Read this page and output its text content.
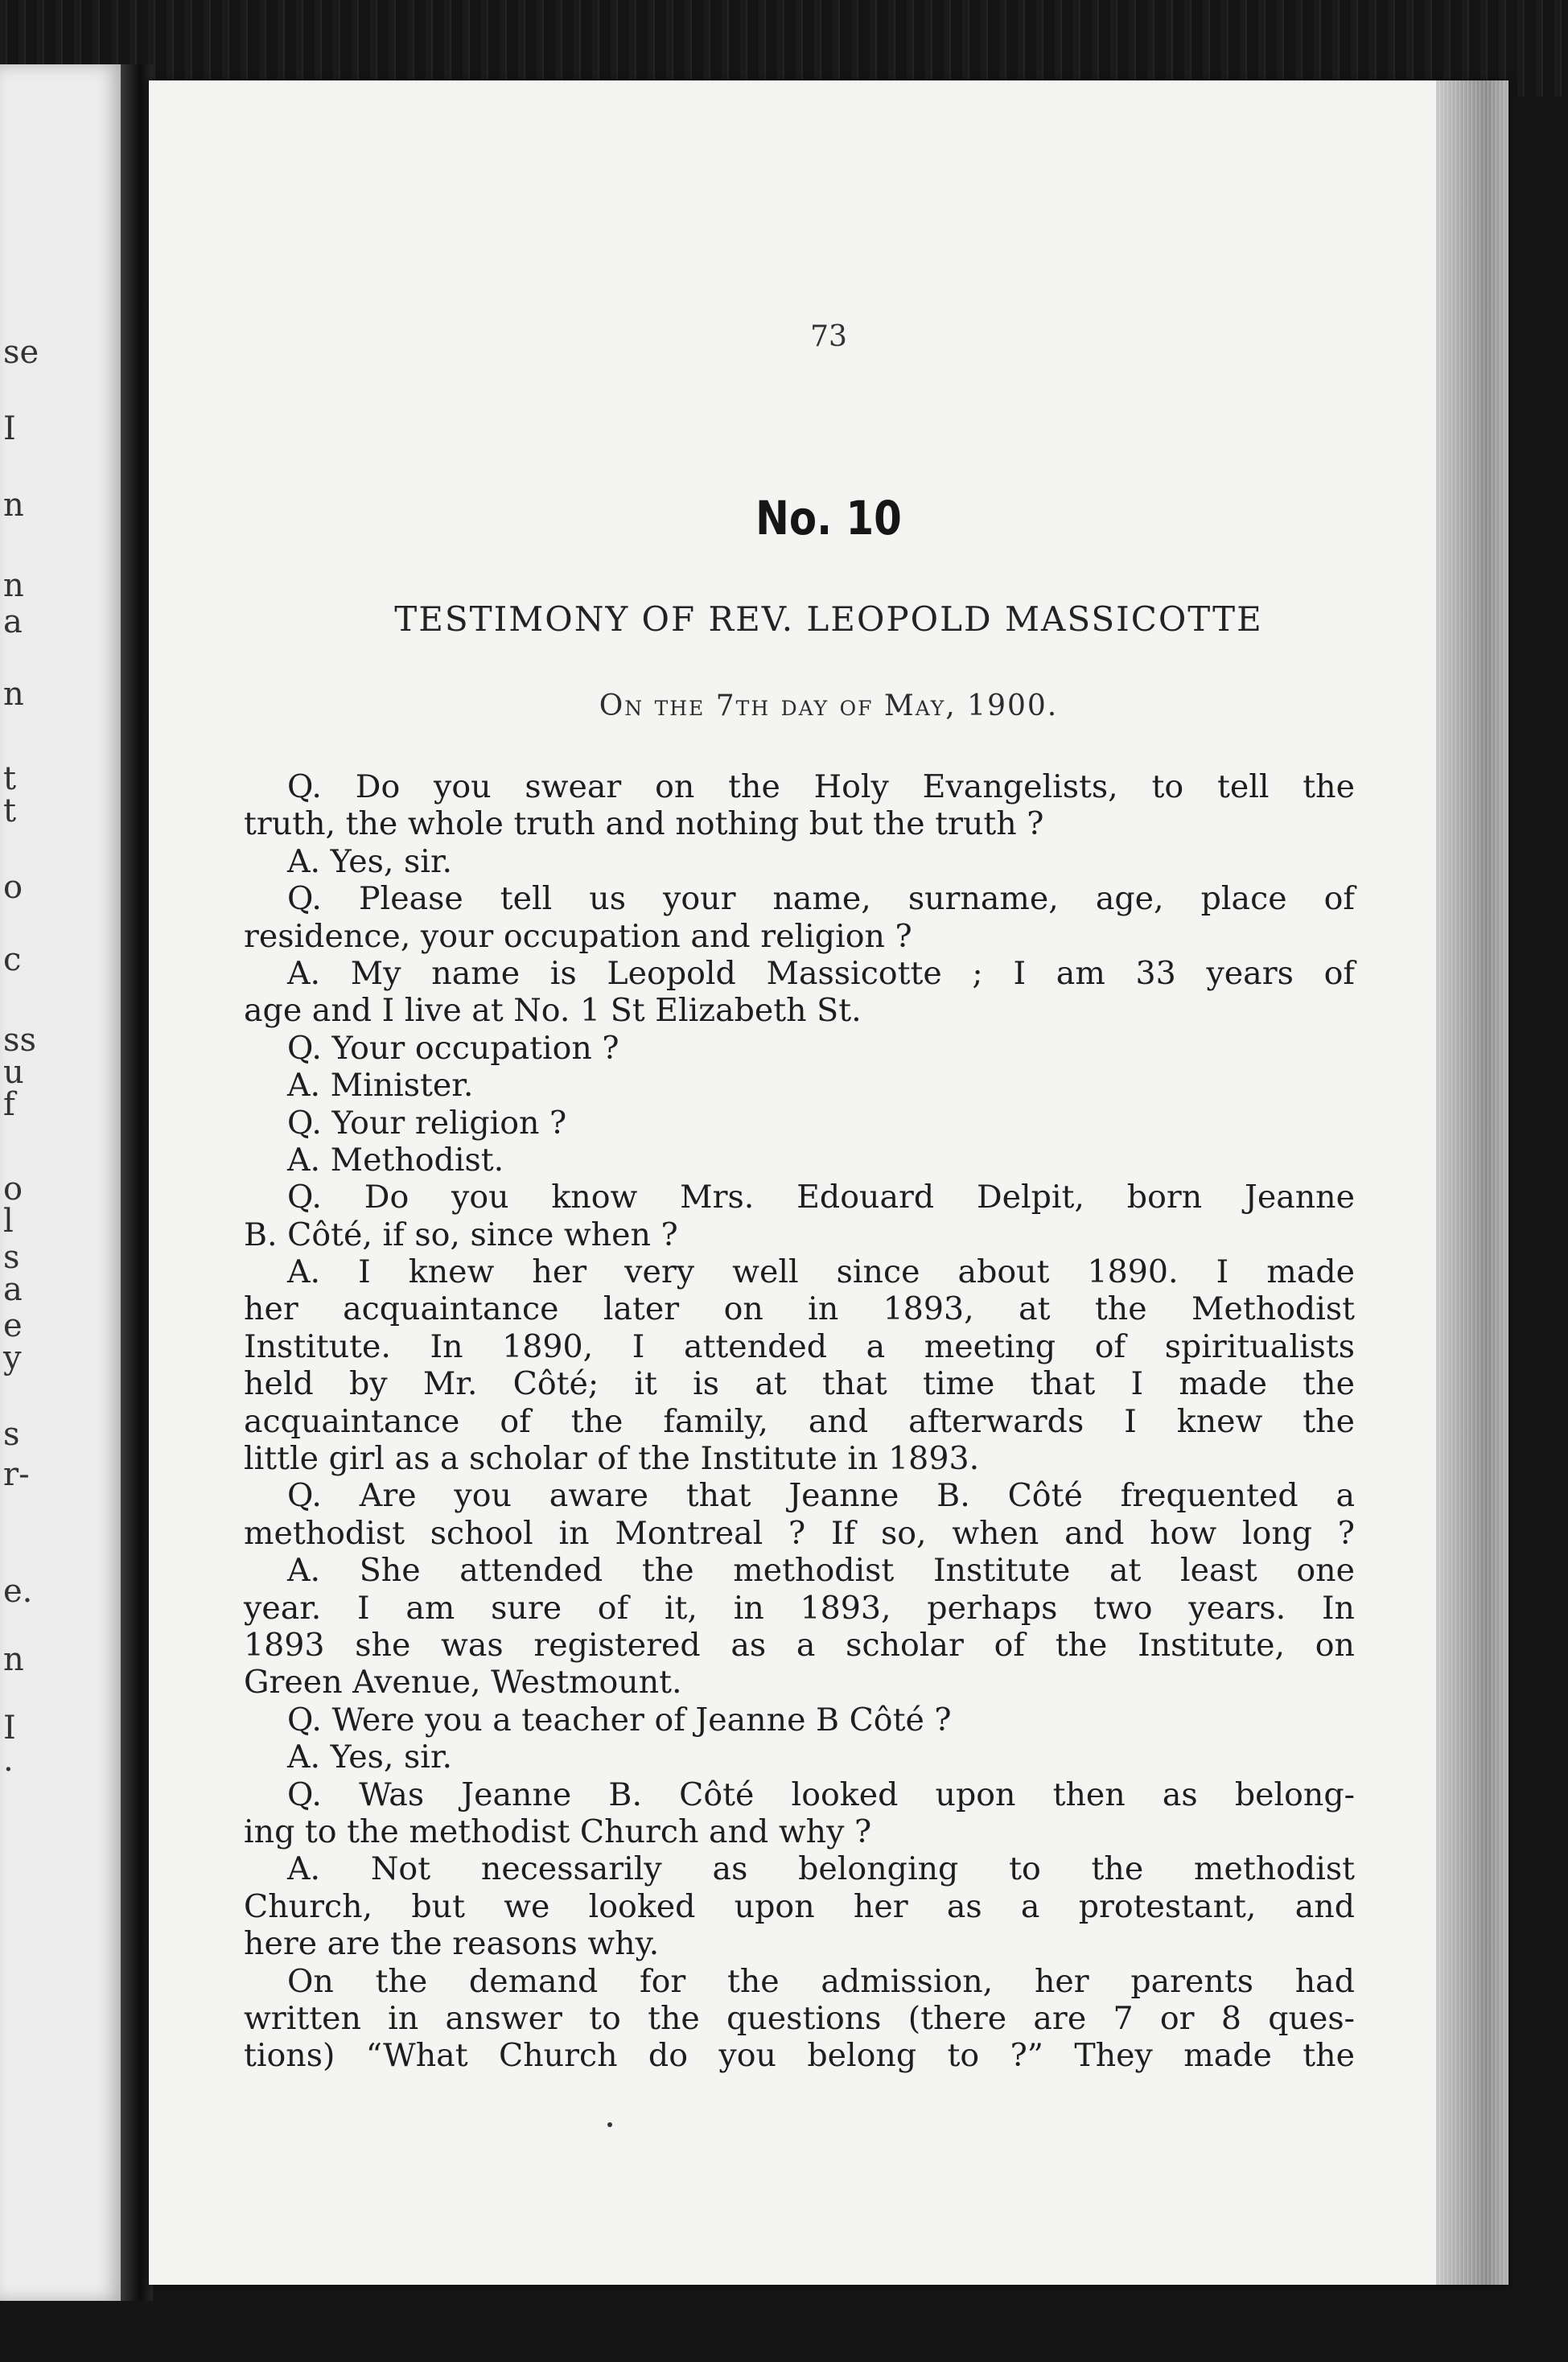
se
I
n
n
a
n
t
t
o
c
ss
u
f
o
l
s
a
e
y
s
r-
e.
n
I
.
73
No. 10
TESTIMONY OF REV. LEOPOLD MASSICOTTE
On the 7th day of May, 1900.
Q. Do you swear on the Holy Evangelists, to tell the
truth, the whole truth and nothing but the truth ?
A. Yes, sir.
Q. Please tell us your name, surname, age, place of
residence, your occupation and religion ?
A. My name is Leopold Massicotte ; I am 33 years of
age and I live at No. 1 St Elizabeth St.
Q. Your occupation ?
A. Minister.
Q. Your religion ?
A. Methodist.
Q. Do you know Mrs. Edouard Delpit, born Jeanne
B. Côté, if so, since when ?
A. I knew her very well since about 1890. I made
her acquaintance later on in 1893, at the Methodist
Institute. In 1890, I attended a meeting of spiritualists
held by Mr. Côté; it is at that time that I made the
acquaintance of the family, and afterwards I knew the
little girl as a scholar of the Institute in 1893.
Q. Are you aware that Jeanne B. Côté frequented a
methodist school in Montreal ? If so, when and how long ?
A. She attended the methodist Institute at least one
year. I am sure of it, in 1893, perhaps two years. In
1893 she was registered as a scholar of the Institute, on
Green Avenue, Westmount.
Q. Were you a teacher of Jeanne B Côté ?
A. Yes, sir.
Q. Was Jeanne B. Côté looked upon then as belong-
ing to the methodist Church and why ?
A. Not necessarily as belonging to the methodist
Church, but we looked upon her as a protestant, and
here are the reasons why.
On the demand for the admission, her parents had
written in answer to the questions (there are 7 or 8 ques-
tions) “What Church do you belong to ?” They made the
